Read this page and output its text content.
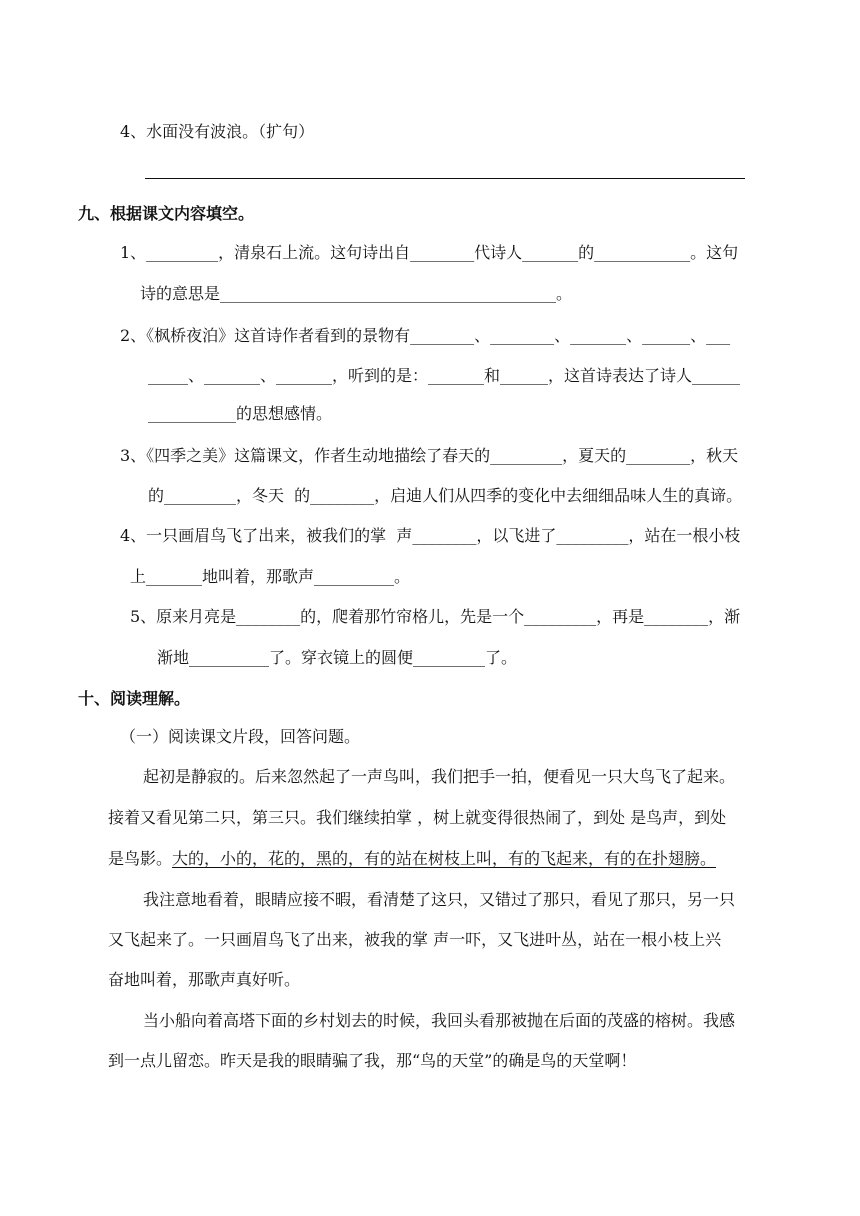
4、水面没有波浪。（扩句）
九、根据课文内容填空。
1、_________，清泉石上流。这句诗出自________代诗人_______的____________。这句
诗的意思是__________________________________________。
2、《枫桥夜泊》这首诗作者看到的景物有________、________、_______、______、___
_____、_______、_______，听到的是：_______和______，这首诗表达了诗人______
___________的思想感情。
3、《四季之美》这篇课文，作者生动地描绘了春天的_________，夏天的________，秋天
的_________，冬天  的________，启迪人们从四季的变化中去细细品味人生的真谛。
4、一只画眉鸟飞了出来，被我们的掌  声________，以飞进了_________，站在一根小枝
上_______地叫着，那歌声__________。
5、原来月亮是________的，爬着那竹帘格儿，先是一个_________，再是________，渐
渐地__________了。穿衣镜上的圆便_________了。
十、阅读理解。
（一）阅读课文片段，回答问题。
起初是静寂的。后来忽然起了一声鸟叫，我们把手一拍，便看见一只大鸟飞了起来。
接着又看见第二只，第三只。我们继续拍掌 ，树上就变得很热闹了，到处 是鸟声，到处
是鸟影。大的，小的，花的，黑的，有的站在树枝上叫，有的飞起来，有的在扑翅膀。
我注意地看着，眼睛应接不暇，看清楚了这只，又错过了那只，看见了那只，另一只
又飞起来了。一只画眉鸟飞了出来，被我的掌 声一吓，又飞进叶丛，站在一根小枝上兴
奋地叫着，那歌声真好听。
当小船向着高塔下面的乡村划去的时候，我回头看那被抛在后面的茂盛的榕树。我感
到一点儿留恋。昨天是我的眼睛骗了我，那“鸟的天堂”的确是鸟的天堂啊！
